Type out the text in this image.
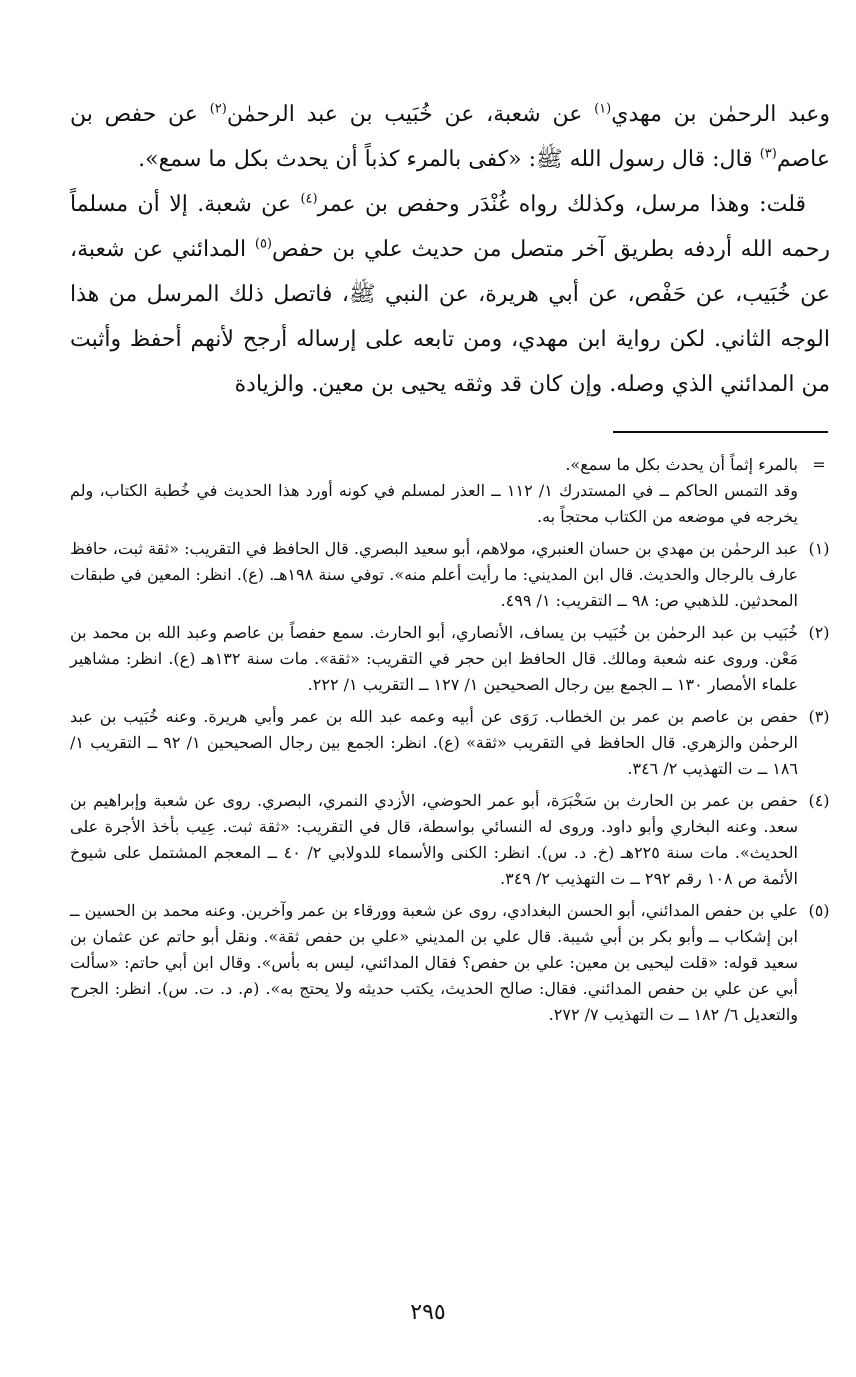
وعبد الرحمٰن بن مهدي$^{(١)}$ عن شعبة، عن خُبَيب بن عبد الرحمٰن$^{(٢)}$ عن حفص بن عاصم$^{(٣)}$ قال: قال رسول الله ﷺ: «كفى بالمرء كذباً أن يحدث بكل ما سمع».

قلت: وهذا مرسل، وكذلك رواه غُنْدَر وحفص بن عمر$^{(٤)}$ عن شعبة. إلا أن مسلماً رحمه الله أردفه بطريق آخر متصل من حديث علي بن حفص$^{(٥)}$ المدائني عن شعبة، عن خُبَيب، عن حَفْص، عن أبي هريرة، عن النبي ﷺ، فاتصل ذلك المرسل من هذا الوجه الثاني. لكن رواية ابن مهدي، ومن تابعه على إرساله أرجح لأنهم أحفظ وأثبت من المدائني الذي وصله. وإن كان قد وثقه يحيى بن معين. والزيادة

=
بالمرء إثماً أن يحدث بكل ما سمع».
وقد التمس الحاكم ــ في المستدرك ١/ ١١٢ ــ العذر لمسلم في كونه أورد هذا الحديث في خُطبة الكتاب، ولم يخرجه في موضعه من الكتاب محتجاً به.
(١)
عبد الرحمٰن بن مهدي بن حسان العنبري، مولاهم، أبو سعيد البصري. قال الحافظ في التقريب: «ثقة ثبت، حافظ عارف بالرجال والحديث. قال ابن المديني: ما رأيت أعلم منه». توفي سنة ١٩٨هـ. (ع). انظر: المعين في طبقات المحدثين. للذهبي ص: ٩٨ ــ التقريب: ١/ ٤٩٩.
(٢)
خُبَيب بن عبد الرحمٰن بن خُبَيب بن يساف، الأنصاري، أبو الحارث. سمع حفصاً بن عاصم وعبد الله بن محمد بن مَعْن. وروى عنه شعبة ومالك. قال الحافظ ابن حجر في التقريب: «ثقة». مات سنة ١٣٢هـ (ع). انظر: مشاهير علماء الأمصار ١٣٠ ــ الجمع بين رجال الصحيحين ١/ ١٢٧ ــ التقريب ١/ ٢٢٢.
(٣)
حفص بن عاصم بن عمر بن الخطاب. رَوَى عن أبيه وعمه عبد الله بن عمر وأبي هريرة. وعنه خُبَيب بن عبد الرحمٰن والزهري. قال الحافظ في التقريب «ثقة» (ع). انظر: الجمع بين رجال الصحيحين ١/ ٩٢ ــ التقريب ١/ ١٨٦ ــ ت التهذيب ٢/ ٣٤٦.
(٤)
حفص بن عمر بن الحارث بن سَخْبَرَة، أبو عمر الحوضي، الأزدي النمري، البصري. روى عن شعبة وإبراهيم بن سعد. وعنه البخاري وأبو داود. وروى له النسائي بواسطة، قال في التقريب: «ثقة ثبت. عِيب بأخذ الأجرة على الحديث». مات سنة ٢٢٥هـ (خ. د. س). انظر: الكنى والأسماء للدولابي ٢/ ٤٠ ــ المعجم المشتمل على شيوخ الأئمة ص ١٠٨ رقم ٢٩٢ ــ ت التهذيب ٢/ ٣٤٩.
(٥)
علي بن حفص المدائني، أبو الحسن البغدادي، روى عن شعبة وورقاء بن عمر وآخرين. وعنه محمد بن الحسين ــ ابن إشكاب ــ وأبو بكر بن أبي شيبة. قال علي بن المديني «علي بن حفص ثقة». ونقل أبو حاتم عن عثمان بن سعيد قوله: «قلت ليحيى بن معين: علي بن حفص؟ فقال المدائني، ليس به بأس». وقال ابن أبي حاتم: «سألت أبي عن علي بن حفص المدائني. فقال: صالح الحديث، يكتب حديثه ولا يحتج به». (م. د. ت. س). انظر: الجرح والتعديل ٦/ ١٨٢ ــ ت التهذيب ٧/ ٢٧٢.
٢٩٥
